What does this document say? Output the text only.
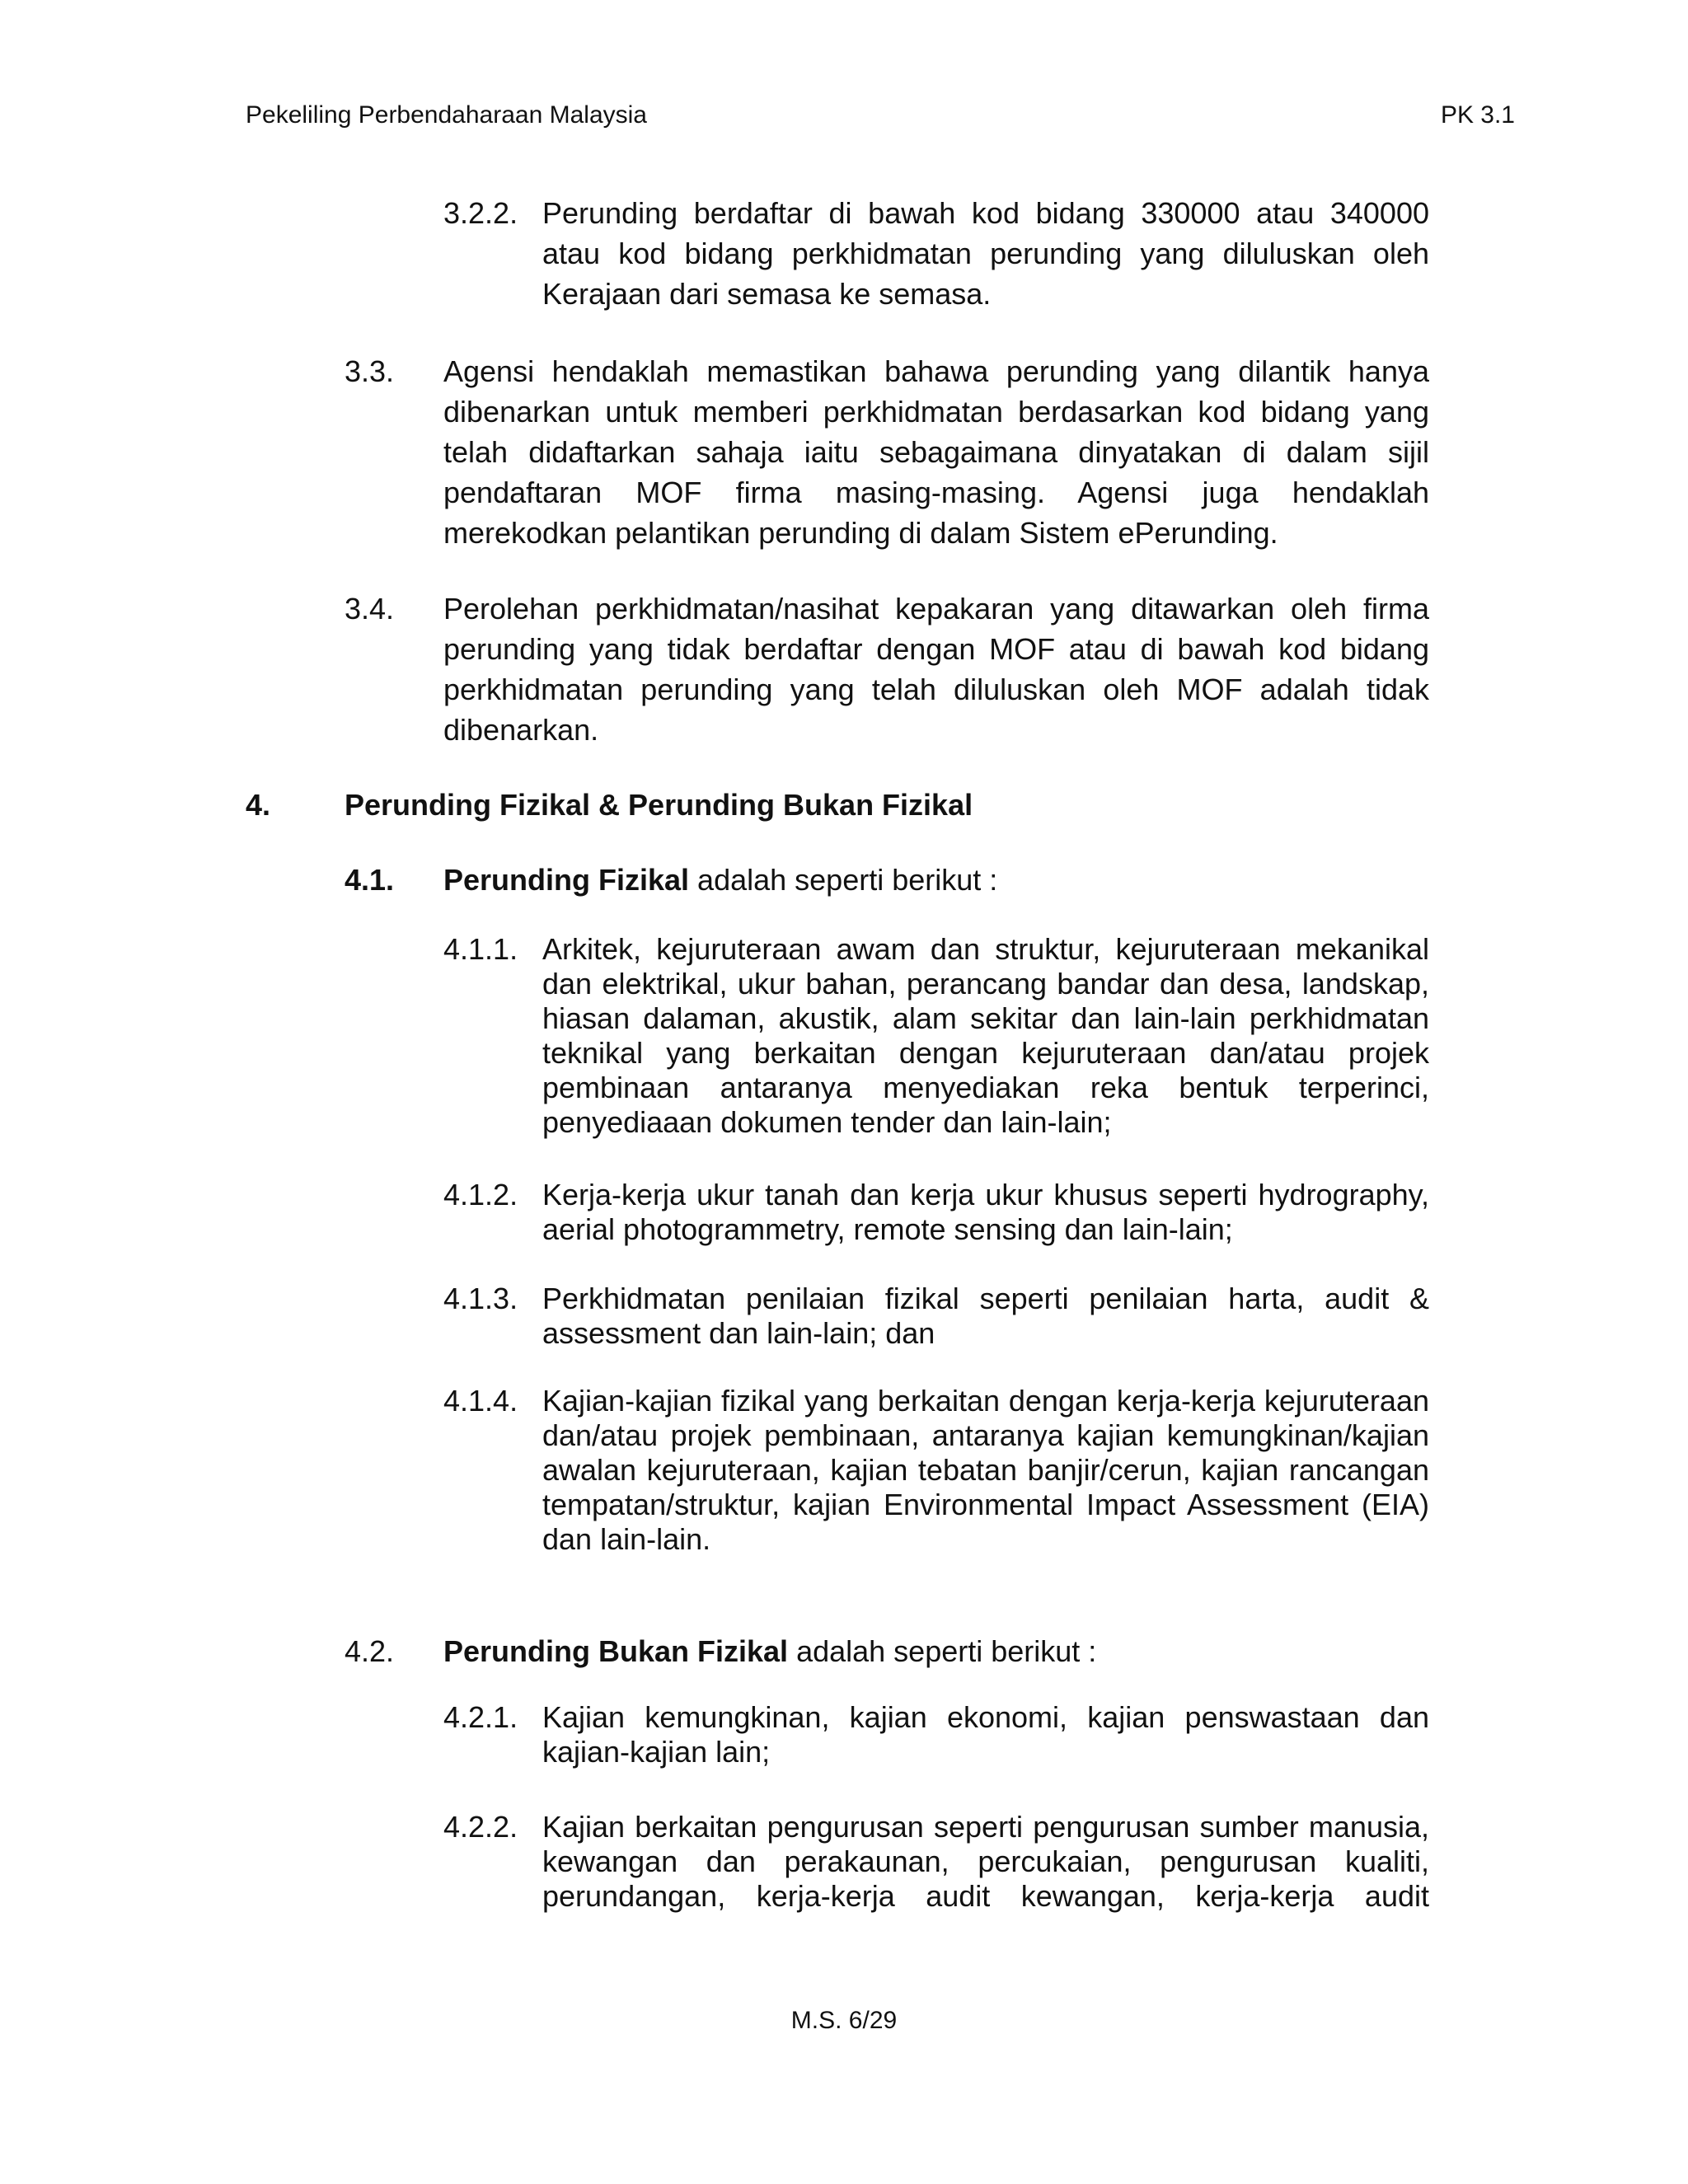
Pekeliling Perbendaharaan Malaysia	PK 3.1
3.2.2. Perunding berdaftar di bawah kod bidang 330000 atau 340000 atau kod bidang perkhidmatan perunding yang diluluskan oleh Kerajaan dari semasa ke semasa.
3.3. Agensi hendaklah memastikan bahawa perunding yang dilantik hanya dibenarkan untuk memberi perkhidmatan berdasarkan kod bidang yang telah didaftarkan sahaja iaitu sebagaimana dinyatakan di dalam sijil pendaftaran MOF firma masing-masing. Agensi juga hendaklah merekodkan pelantikan perunding di dalam Sistem ePerunding.
3.4. Perolehan perkhidmatan/nasihat kepakaran yang ditawarkan oleh firma perunding yang tidak berdaftar dengan MOF atau di bawah kod bidang perkhidmatan perunding yang telah diluluskan oleh MOF adalah tidak dibenarkan.
4. Perunding Fizikal & Perunding Bukan Fizikal
4.1. Perunding Fizikal adalah seperti berikut :
4.1.1. Arkitek, kejuruteraan awam dan struktur, kejuruteraan mekanikal dan elektrikal, ukur bahan, perancang bandar dan desa, landskap, hiasan dalaman, akustik, alam sekitar dan lain-lain perkhidmatan teknikal yang berkaitan dengan kejuruteraan dan/atau projek pembinaan antaranya menyediakan reka bentuk terperinci, penyediaaan dokumen tender dan lain-lain;
4.1.2. Kerja-kerja ukur tanah dan kerja ukur khusus seperti hydrography, aerial photogrammetry, remote sensing dan lain-lain;
4.1.3. Perkhidmatan penilaian fizikal seperti penilaian harta, audit & assessment dan lain-lain; dan
4.1.4. Kajian-kajian fizikal yang berkaitan dengan kerja-kerja kejuruteraan dan/atau projek pembinaan, antaranya kajian kemungkinan/kajian awalan kejuruteraan, kajian tebatan banjir/cerun, kajian rancangan tempatan/struktur, kajian Environmental Impact Assessment (EIA) dan lain-lain.
4.2. Perunding Bukan Fizikal adalah seperti berikut :
4.2.1. Kajian kemungkinan, kajian ekonomi, kajian penswastaan dan kajian-kajian lain;
4.2.2. Kajian berkaitan pengurusan seperti pengurusan sumber manusia, kewangan dan perakaunan, percukaian, pengurusan kualiti, perundangan, kerja-kerja audit kewangan, kerja-kerja audit
M.S. 6/29
